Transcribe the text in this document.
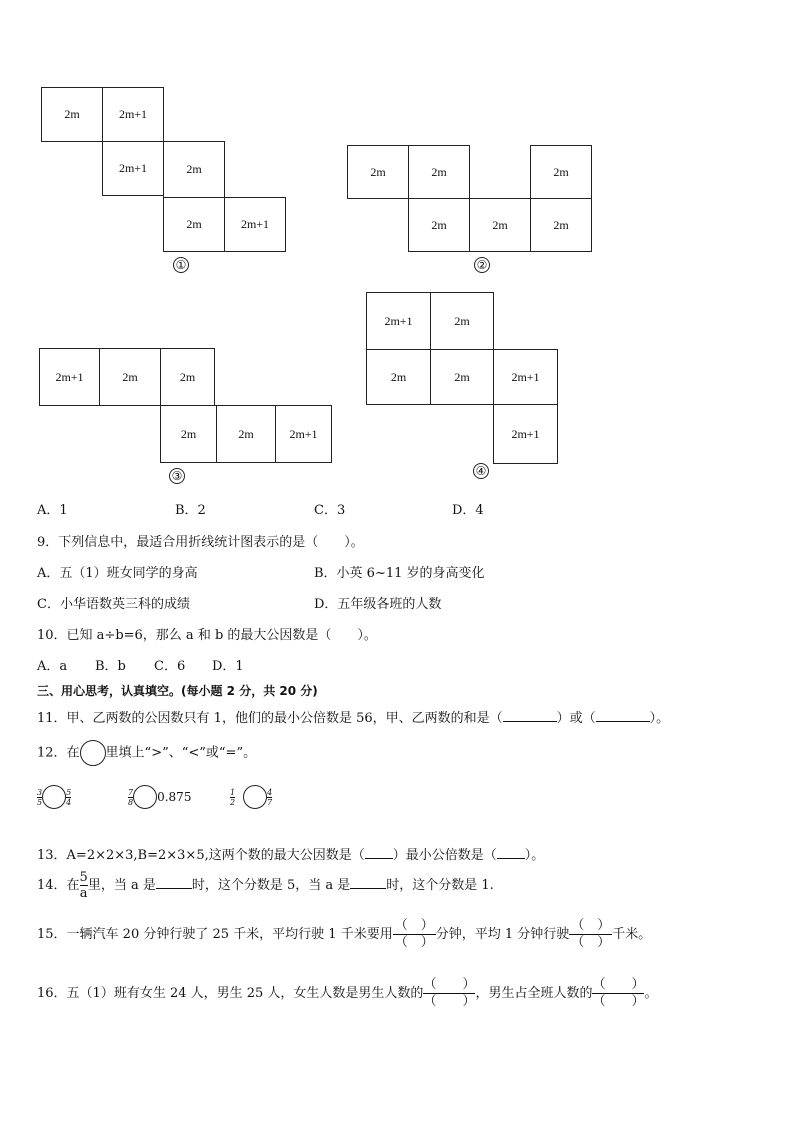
2m	2m+1
2m+1	2m
2m	2m+1
①
2m	2m	2m
2m	2m	2m
②
2m+1	2m	2m
2m	2m	2m+1
③
2m+1	2m
2m	2m	2m+1
2m+1
④
A．1	B．2	C．3	D．4
9．下列信息中，最适合用折线统计图表示的是（　　）。
A．五（1）班女同学的身高	B．小英 6~11 岁的身高变化
C．小华语数英三科的成绩	D．五年级各班的人数
10．已知 a÷b=6，那么 a 和 b 的最大公因数是（　　）。
A．a B．b C．6 D．1
三、用心思考，认真填空。(每小题 2 分，共 20 分)
11．甲、乙两数的公因数只有 1，他们的最小公倍数是 56，甲、乙两数的和是（	）或（	）。
12．在 里填上“>”、“<”或“=”。
$\frac{3}{5}$	$\frac{5}{4}$	$\frac{7}{8} 0.875$	$\frac{1}{2}$	$\frac{4}{7}$
13．A=2×2×3,B=2×3×5,这两个数的最大公因数是（ ）最小公倍数是（ ）。
14．在 $\frac{5}{a}$ 里，当 a 是	时，这个分数是 5，当 a 是	时，这个分数是 1.
15．一辆汽车 20 分钟行驶了 25 千米，平均行驶 1 千米要用
（　）
（　）
分钟，平均 1 分钟行驶
（　）
（　）
千米。
16．五（1）班有女生 24 人，男生 25 人，女生人数是男生人数的
（　　）
（　　）
，男生占全班人数的
（　　）
（　　）
。
